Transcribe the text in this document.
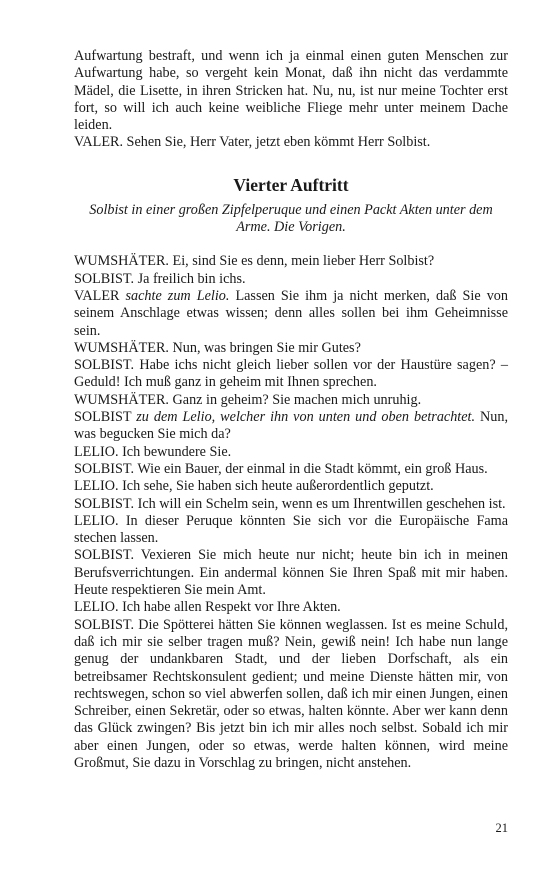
Aufwartung bestraft, und wenn ich ja einmal einen guten Menschen zur Aufwartung habe, so vergeht kein Monat, daß ihn nicht das verdammte Mädel, die Lisette, in ihren Stricken hat. Nu, nu, ist nur meine Tochter erst fort, so will ich auch keine weibliche Fliege mehr unter meinem Dache leiden.

VALER. Sehen Sie, Herr Vater, jetzt eben kömmt Herr Solbist.

Vierter Auftritt
Solbist in einer großen Zipfelperuque und einen Packt Akten unter dem Arme. Die Vorigen.

WUMSHÄTER. Ei, sind Sie es denn, mein lieber Herr Solbist?

SOLBIST. Ja freilich bin ichs.

VALER sachte zum Lelio. Lassen Sie ihm ja nicht merken, daß Sie von seinem Anschlage etwas wissen; denn alles sollen bei ihm Geheimnisse sein.

WUMSHÄTER. Nun, was bringen Sie mir Gutes?

SOLBIST. Habe ichs nicht gleich lieber sollen vor der Haustüre sagen? – Geduld! Ich muß ganz in geheim mit Ihnen sprechen.

WUMSHÄTER. Ganz in geheim? Sie machen mich unruhig.

SOLBIST zu dem Lelio, welcher ihn von unten und oben betrachtet. Nun, was begucken Sie mich da?

LELIO. Ich bewundere Sie.

SOLBIST. Wie ein Bauer, der einmal in die Stadt kömmt, ein groß Haus.

LELIO. Ich sehe, Sie haben sich heute außerordentlich geputzt.

SOLBIST. Ich will ein Schelm sein, wenn es um Ihrentwillen geschehen ist.

LELIO. In dieser Peruque könnten Sie sich vor die Europäische Fama stechen lassen.

SOLBIST. Vexieren Sie mich heute nur nicht; heute bin ich in meinen Berufsverrichtungen. Ein andermal können Sie Ihren Spaß mit mir haben. Heute respektieren Sie mein Amt.

LELIO. Ich habe allen Respekt vor Ihre Akten.

SOLBIST. Die Spötterei hätten Sie können weglassen. Ist es meine Schuld, daß ich mir sie selber tragen muß? Nein, gewiß nein! Ich habe nun lange genug der undankbaren Stadt, und der lieben Dorfschaft, als ein betreibsamer Rechtskonsulent gedient; und meine Dienste hätten mir, von rechtswegen, schon so viel abwerfen sollen, daß ich mir einen Jungen, einen Schreiber, einen Sekretär, oder so etwas, halten könnte. Aber wer kann denn das Glück zwingen? Bis jetzt bin ich mir alles noch selbst. Sobald ich mir aber einen Jungen, oder so etwas, werde halten können, wird meine Großmut, Sie dazu in Vorschlag zu bringen, nicht anstehen.

21
